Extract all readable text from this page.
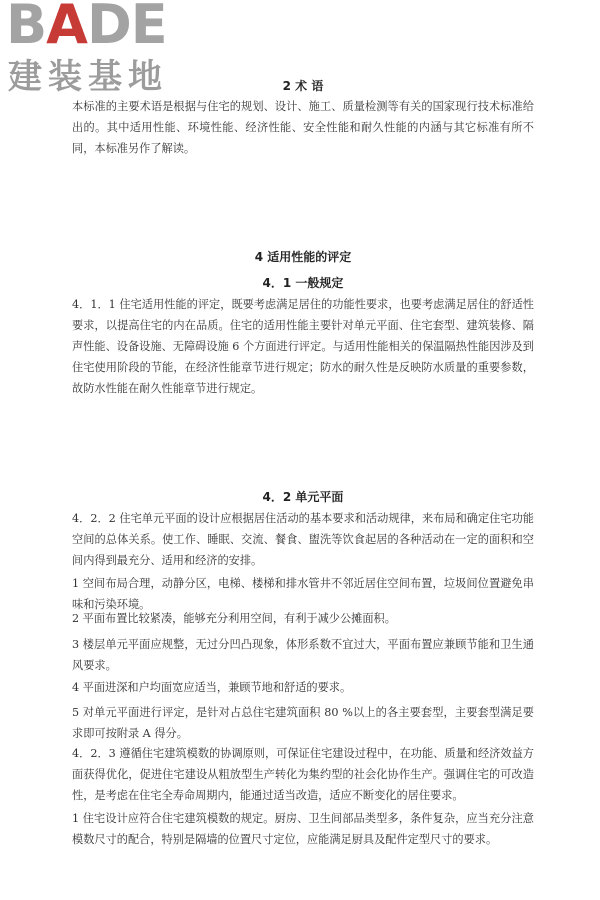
BADE
建装基地	2 术 语

本标准的主要术语是根据与住宅的规划、设计、施工、质量检测等有关的国家现行技术标准给出的。其中适用性能、环境性能、经济性能、安全性能和耐久性能的内涵与其它标准有所不同，本标准另作了解读。

4 适用性能的评定
4．1 一般规定

4．1．1 住宅适用性能的评定，既要考虑满足居住的功能性要求，也要考虑满足居住的舒适性要求，以提高住宅的内在品质。住宅的适用性能主要针对单元平面、住宅套型、建筑装修、隔声性能、设备设施、无障碍设施 6 个方面进行评定。与适用性能相关的保温隔热性能因涉及到住宅使用阶段的节能，在经济性能章节进行规定；防水的耐久性是反映防水质量的重要参数，故防水性能在耐久性能章节进行规定。

4．2 单元平面

4．2．2 住宅单元平面的设计应根据居住活动的基本要求和活动规律，来布局和确定住宅功能空间的总体关系。使工作、睡眠、交流、餐食、盥洗等饮食起居的各种活动在一定的面积和空间内得到最充分、适用和经济的安排。

1 空间布局合理，动静分区，电梯、楼梯和排水管井不邻近居住空间布置，垃圾间位置避免串味和污染环境。

2 平面布置比较紧凑，能够充分利用空间，有利于减少公摊面积。

3 楼层单元平面应规整，无过分凹凸现象，体形系数不宜过大，平面布置应兼顾节能和卫生通风要求。

4 平面进深和户均面宽应适当，兼顾节地和舒适的要求。

5 对单元平面进行评定，是针对占总住宅建筑面积 80 %以上的各主要套型，主要套型满足要求即可按附录 A 得分。

4．2．3 遵循住宅建筑模数的协调原则，可保证住宅建设过程中，在功能、质量和经济效益方面获得优化，促进住宅建设从粗放型生产转化为集约型的社会化协作生产。强调住宅的可改造性，是考虑在住宅全寿命周期内，能通过适当改造，适应不断变化的居住要求。

1 住宅设计应符合住宅建筑模数的规定。厨房、卫生间部品类型多，条件复杂，应当充分注意模数尺寸的配合，特别是隔墙的位置尺寸定位，应能满足厨具及配件定型尺寸的要求。
